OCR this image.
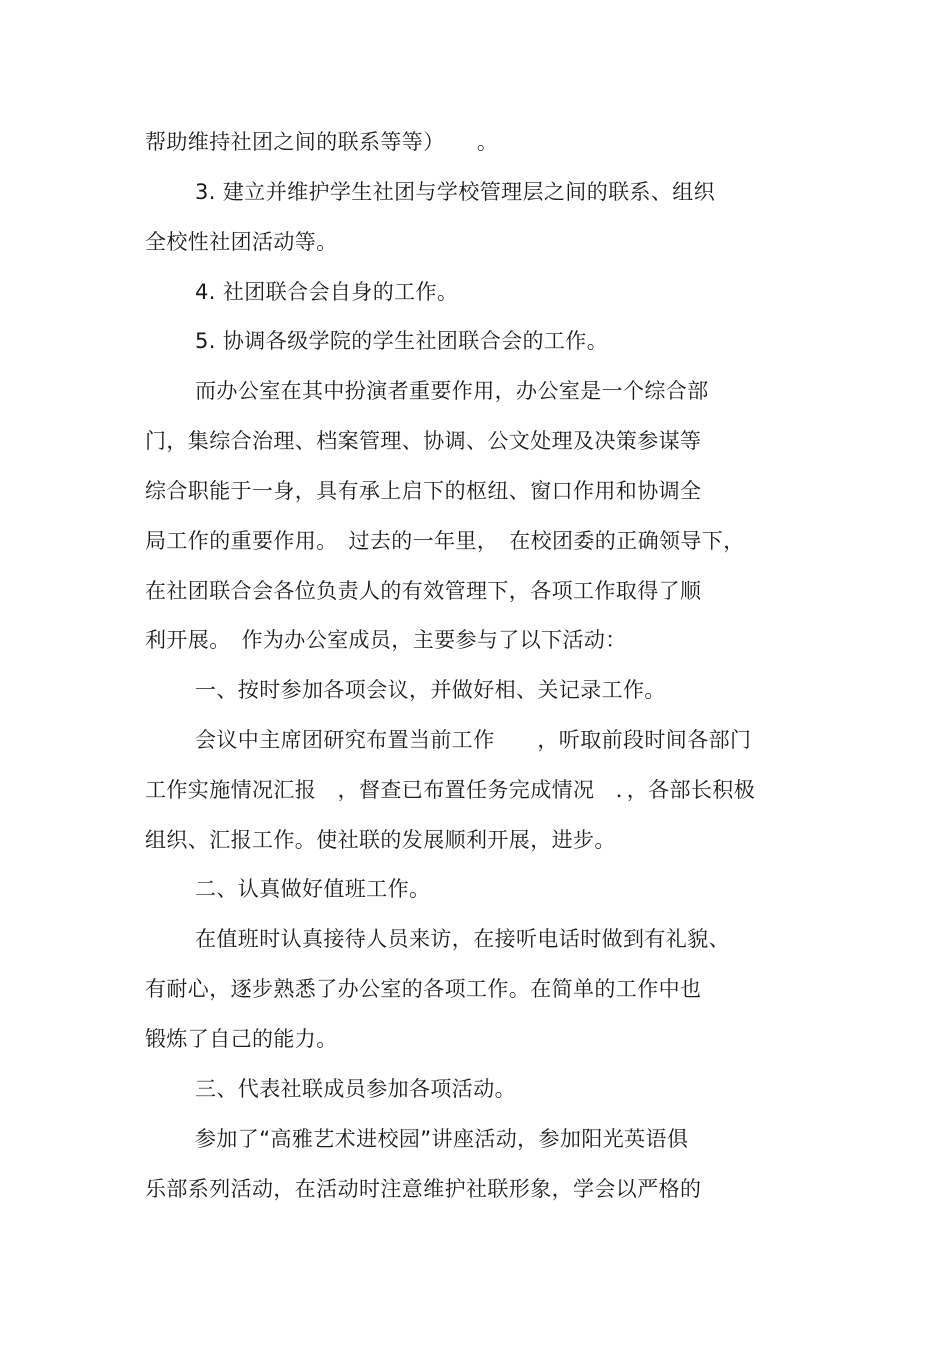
帮助维持社团之间的联系等等）　　。
3. 建立并维护学生社团与学校管理层之间的联系、组织
全校性社团活动等。
4. 社团联合会自身的工作。
5. 协调各级学院的学生社团联合会的工作。
而办公室在其中扮演者重要作用，办公室是一个综合部
门，集综合治理、档案管理、协调、公文处理及决策参谋等
综合职能于一身，具有承上启下的枢纽、窗口作用和协调全
局工作的重要作用。　过去的一年里，　在校团委的正确领导下，
在社团联合会各位负责人的有效管理下，各项工作取得了顺
利开展。　作为办公室成员，主要参与了以下活动：
一、按时参加各项会议，并做好相、关记录工作。
会议中主席团研究布置当前工作　　，听取前段时间各部门
工作实施情况汇报　，督查已布置任务完成情况　．，各部长积极
组织、汇报工作。使社联的发展顺利开展，进步。
二、认真做好值班工作。
在值班时认真接待人员来访，在接听电话时做到有礼貌、
有耐心，逐步熟悉了办公室的各项工作。在简单的工作中也
锻炼了自己的能力。
三、代表社联成员参加各项活动。
参加了“高雅艺术进校园”讲座活动，参加阳光英语俱
乐部系列活动，在活动时注意维护社联形象，学会以严格的
